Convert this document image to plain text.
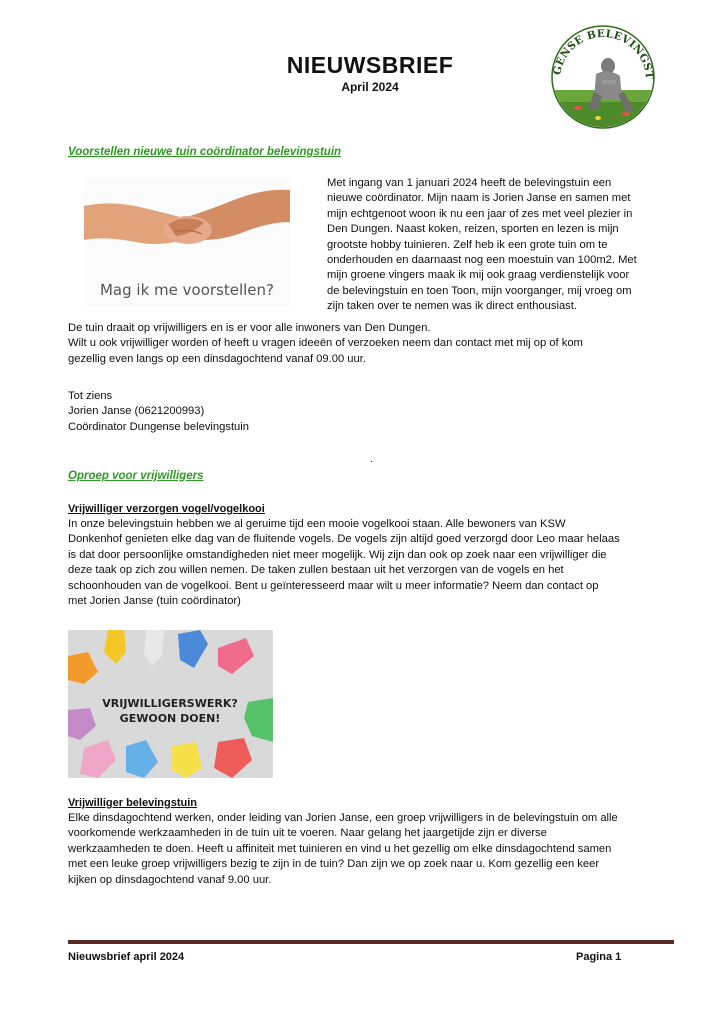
NIEUWSBRIEF
April 2024
GENSE BELEVINGST
Voorstellen nieuwe tuin coördinator belevingstuin
Mag ik me voorstellen?
Met ingang van 1 januari 2024 heeft de belevingstuin een
nieuwe coördinator. Mijn naam is Jorien Janse en samen met
mijn echtgenoot woon ik nu een jaar of zes met veel plezier in
Den Dungen. Naast koken, reizen, sporten en lezen is mijn
grootste hobby tuinieren. Zelf heb ik een grote tuin om te
onderhouden en daarnaast nog een moestuin van 100m2. Met
mijn groene vingers maak ik mij ook graag verdienstelijk voor
de belevingstuin en toen Toon, mijn voorganger, mij vroeg om
zijn taken over te nemen was ik direct enthousiast.
De tuin draait op vrijwilligers en is er voor alle inwoners van Den Dungen.
Wilt u ook vrijwilliger worden of heeft u vragen ideeën of verzoeken neem dan contact met mij op of kom
gezellig even langs op een dinsdagochtend vanaf 09.00 uur.
Tot ziens
Jorien Janse (0621200993)
Coördinator Dungense belevingstuin
.
Oproep voor vrijwilligers
Vrijwilliger verzorgen vogel/vogelkooi
In onze belevingstuin hebben we al geruime tijd een mooie vogelkooi staan. Alle bewoners van KSW
Donkenhof genieten elke dag van de fluitende vogels. De vogels zijn altijd goed verzorgd door Leo maar helaas
is dat door persoonlijke omstandigheden niet meer mogelijk. Wij zijn dan ook op zoek naar een vrijwilliger die
deze taak op zich zou willen nemen. De taken zullen bestaan uit het verzorgen van de vogels en het
schoonhouden van de vogelkooi. Bent u geïnteresseerd maar wilt u meer informatie? Neem dan contact op
met Jorien Janse (tuin coördinator)
VRIJWILLIGERSWERK?
GEWOON DOEN!
Vrijwilliger belevingstuin
Elke dinsdagochtend werken, onder leiding van Jorien Janse, een groep vrijwilligers in de belevingstuin om alle
voorkomende werkzaamheden in de tuin uit te voeren. Naar gelang het jaargetijde zijn er diverse
werkzaamheden te doen. Heeft u affiniteit met tuinieren en vind u het gezellig om elke dinsdagochtend samen
met een leuke groep vrijwilligers bezig te zijn in de tuin? Dan zijn we op zoek naar u. Kom gezellig een keer
kijken op dinsdagochtend vanaf 9.00 uur.
Nieuwsbrief april 2024	Pagina 1
